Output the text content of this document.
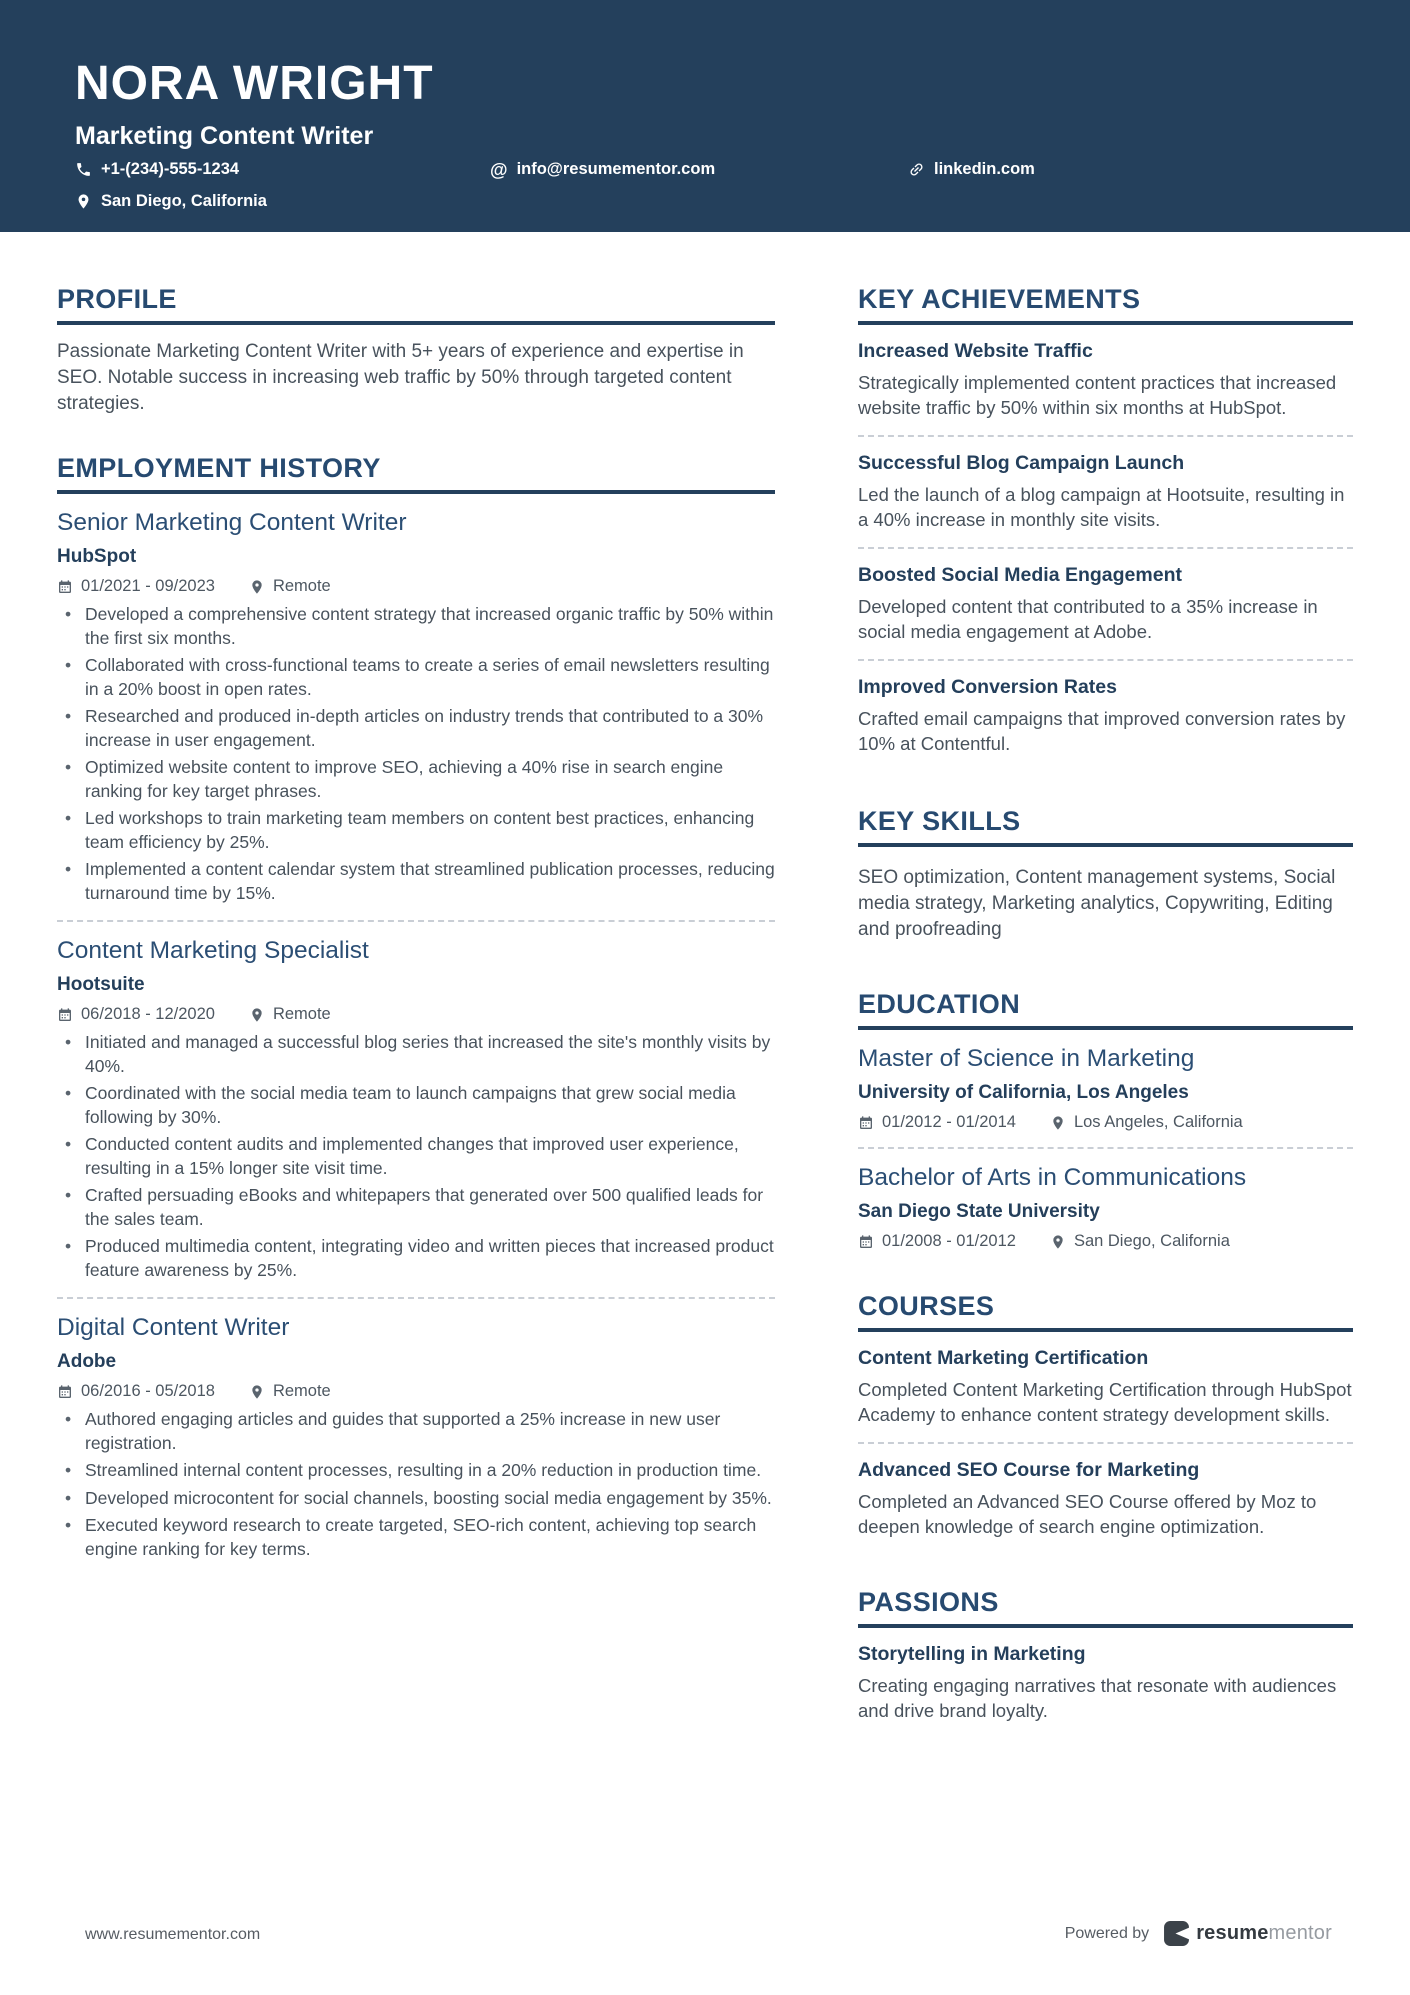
NORA WRIGHT
Marketing Content Writer
+1-(234)-555-1234	@ info@resumementor.com	linkedin.com
San Diego, California
PROFILE

Passionate Marketing Content Writer with 5+ years of experience and expertise in SEO. Notable success in increasing web traffic by 50% through targeted content strategies.

EMPLOYMENT HISTORY
Senior Marketing Content Writer
HubSpot
01/2021 - 09/2023	Remote
• Developed a comprehensive content strategy that increased organic traffic by 50% within the first six months.
• Collaborated with cross-functional teams to create a series of email newsletters resulting in a 20% boost in open rates.
• Researched and produced in-depth articles on industry trends that contributed to a 30% increase in user engagement.
• Optimized website content to improve SEO, achieving a 40% rise in search engine ranking for key target phrases.
• Led workshops to train marketing team members on content best practices, enhancing team efficiency by 25%.
• Implemented a content calendar system that streamlined publication processes, reducing turnaround time by 15%.
Content Marketing Specialist
Hootsuite
06/2018 - 12/2020	Remote
• Initiated and managed a successful blog series that increased the site's monthly visits by 40%.
• Coordinated with the social media team to launch campaigns that grew social media following by 30%.
• Conducted content audits and implemented changes that improved user experience, resulting in a 15% longer site visit time.
• Crafted persuading eBooks and whitepapers that generated over 500 qualified leads for the sales team.
• Produced multimedia content, integrating video and written pieces that increased product feature awareness by 25%.
Digital Content Writer
Adobe
06/2016 - 05/2018	Remote
• Authored engaging articles and guides that supported a 25% increase in new user registration.
• Streamlined internal content processes, resulting in a 20% reduction in production time.
• Developed microcontent for social channels, boosting social media engagement by 35%.
• Executed keyword research to create targeted, SEO-rich content, achieving top search engine ranking for key terms.
KEY ACHIEVEMENTS
Increased Website Traffic
Strategically implemented content practices that increased website traffic by 50% within six months at HubSpot.
Successful Blog Campaign Launch
Led the launch of a blog campaign at Hootsuite, resulting in a 40% increase in monthly site visits.
Boosted Social Media Engagement
Developed content that contributed to a 35% increase in social media engagement at Adobe.
Improved Conversion Rates
Crafted email campaigns that improved conversion rates by 10% at Contentful.
KEY SKILLS

SEO optimization, Content management systems, Social media strategy, Marketing analytics, Copywriting, Editing and proofreading

EDUCATION
Master of Science in Marketing
University of California, Los Angeles
01/2012 - 01/2014	Los Angeles, California
Bachelor of Arts in Communications
San Diego State University
01/2008 - 01/2012	San Diego, California
COURSES
Content Marketing Certification
Completed Content Marketing Certification through HubSpot Academy to enhance content strategy development skills.
Advanced SEO Course for Marketing
Completed an Advanced SEO Course offered by Moz to deepen knowledge of search engine optimization.
PASSIONS
Storytelling in Marketing
Creating engaging narratives that resonate with audiences and drive brand loyalty.
www.resumementor.com	Powered by resumementor
